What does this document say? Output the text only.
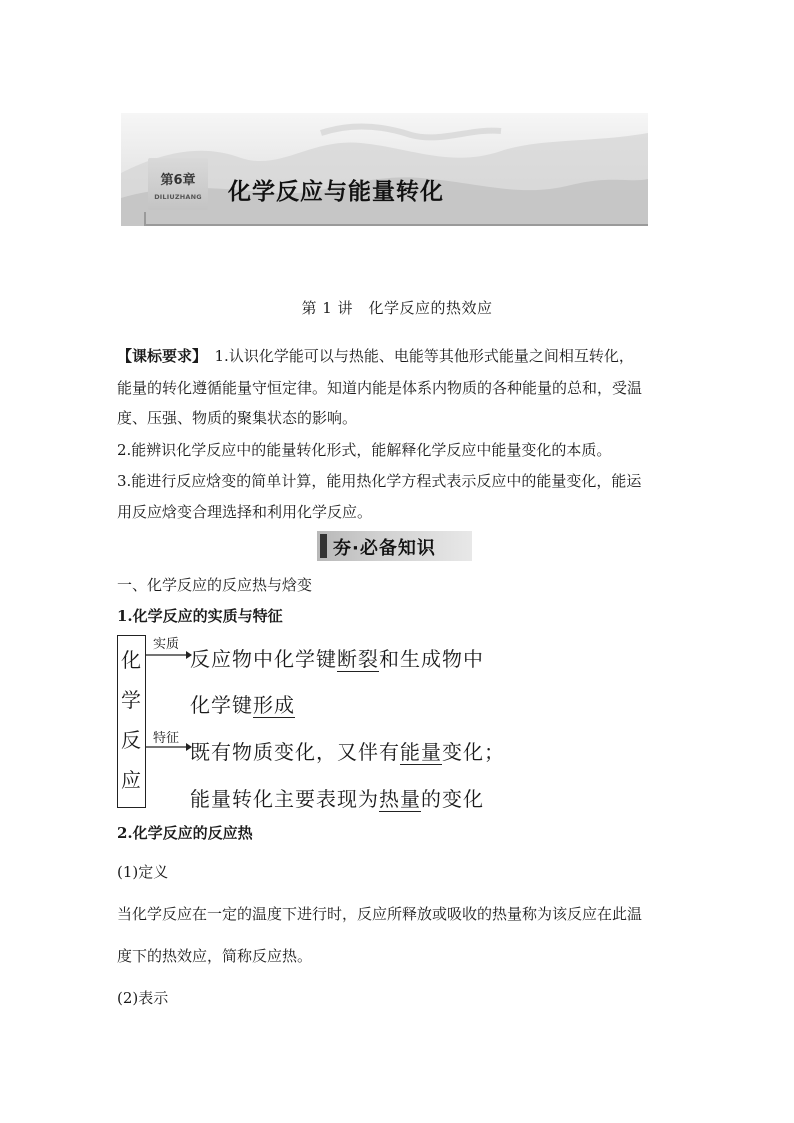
第6章
DILIUZHANG 化学反应与能量转化
第 1 讲　化学反应的热效应
【课标要求】　1.认识化学能可以与热能、电能等其他形式能量之间相互转化，
能量的转化遵循能量守恒定律。知道内能是体系内物质的各种能量的总和，受温
度、压强、物质的聚集状态的影响。
2.能辨识化学反应中的能量转化形式，能解释化学反应中能量变化的本质。
3.能进行反应焓变的简单计算，能用热化学方程式表示反应中的能量变化，能运
用反应焓变合理选择和利用化学反应。
夯·必备知识
一、化学反应的反应热与焓变
1.化学反应的实质与特征
化
学
反
应
实质
特征
反应物中化学键断裂和生成物中
化学键形成
既有物质变化，又伴有能量变化；
能量转化主要表现为热量的变化
2.化学反应的反应热
(1)定义
当化学反应在一定的温度下进行时，反应所释放或吸收的热量称为该反应在此温
度下的热效应，简称反应热。
(2)表示
